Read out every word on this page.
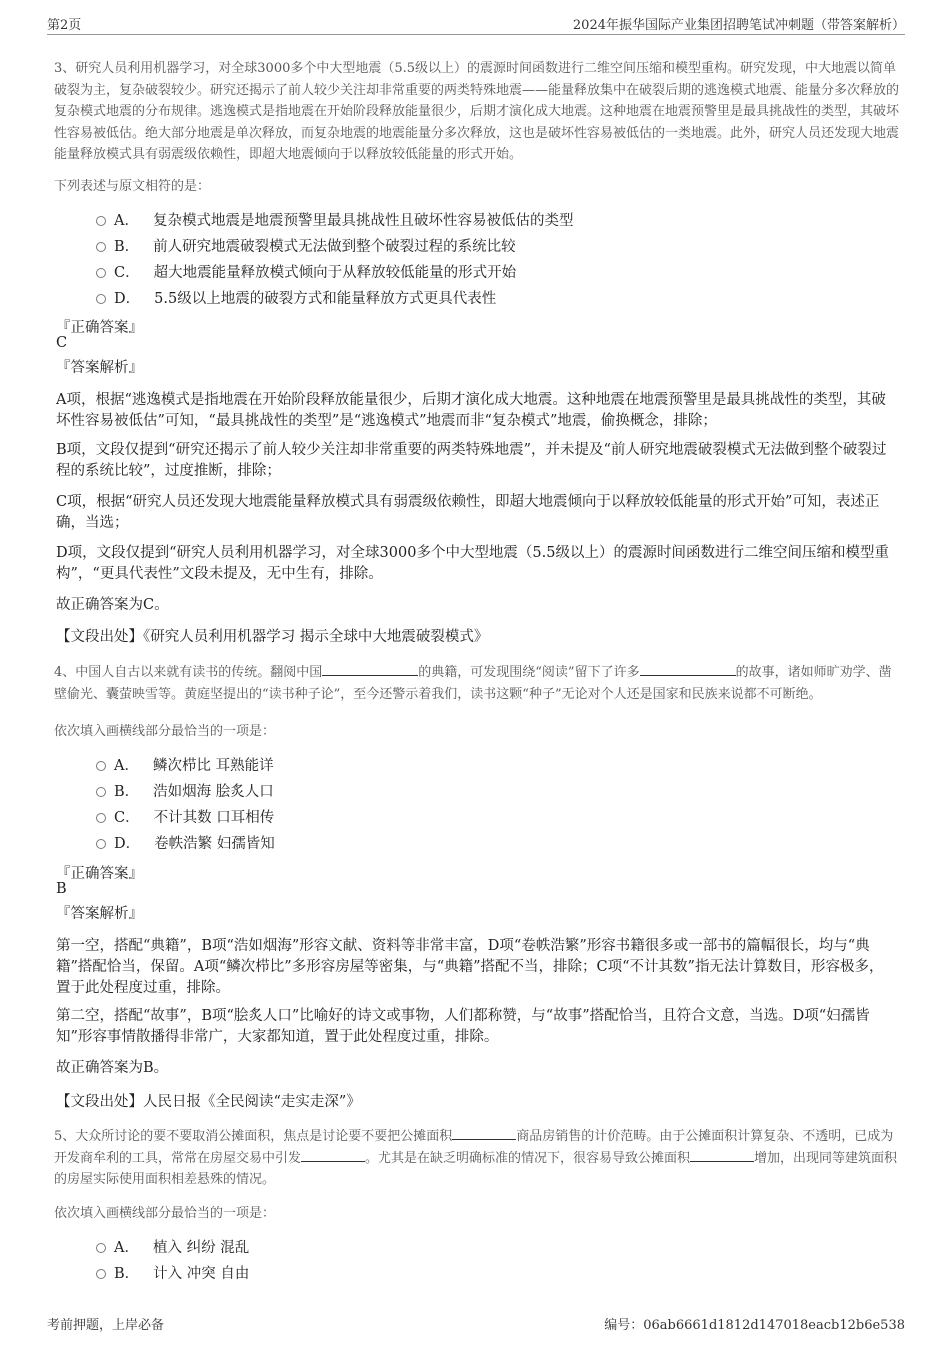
第2页	2024年振华国际产业集团招聘笔试冲刺题（带答案解析）

3、研究人员利用机器学习，对全球3000多个中大型地震（5.5级以上）的震源时间函数进行二维空间压缩和模型重构。研究发现，中大地震以简单破裂为主，复杂破裂较少。研究还揭示了前人较少关注却非常重要的两类特殊地震——能量释放集中在破裂后期的逃逸模式地震、能量分多次释放的复杂模式地震的分布规律。逃逸模式是指地震在开始阶段释放能量很少，后期才演化成大地震。这种地震在地震预警里是最具挑战性的类型，其破坏性容易被低估。绝大部分地震是单次释放，而复杂地震的地震能量分多次释放，这也是破坏性容易被低估的一类地震。此外，研究人员还发现大地震能量释放模式具有弱震级依赖性，即超大地震倾向于以释放较低能量的形式开始。

下列表述与原文相符的是：

A． 复杂模式地震是地震预警里最具挑战性且破坏性容易被低估的类型
B． 前人研究地震破裂模式无法做到整个破裂过程的系统比较
C． 超大地震能量释放模式倾向于从释放较低能量的形式开始
D． 5.5级以上地震的破裂方式和能量释放方式更具代表性
『正确答案』
C
『答案解析』

A项，根据“逃逸模式是指地震在开始阶段释放能量很少，后期才演化成大地震。这种地震在地震预警里是最具挑战性的类型，其破坏性容易被低估”可知，“最具挑战性的类型”是“逃逸模式”地震而非“复杂模式”地震，偷换概念，排除；

B项，文段仅提到“研究还揭示了前人较少关注却非常重要的两类特殊地震”，并未提及“前人研究地震破裂模式无法做到整个破裂过程的系统比较”，过度推断，排除；

C项，根据“研究人员还发现大地震能量释放模式具有弱震级依赖性，即超大地震倾向于以释放较低能量的形式开始”可知，表述正确，当选；

D项，文段仅提到“研究人员利用机器学习，对全球3000多个中大型地震（5.5级以上）的震源时间函数进行二维空间压缩和模型重构”，“更具代表性”文段未提及，无中生有，排除。

故正确答案为C。

【文段出处】《研究人员利用机器学习 揭示全球中大地震破裂模式》

4、中国人自古以来就有读书的传统。翻阅中国	的典籍，可发现围绕“阅读”留下了许多	的故事，诸如师旷劝学、凿壁偷光、囊萤映雪等。黄庭坚提出的“读书种子论”，至今还警示着我们，读书这颗“种子”无论对个人还是国家和民族来说都不可断绝。

依次填入画横线部分最恰当的一项是：

A． 鳞次栉比 耳熟能详
B． 浩如烟海 脍炙人口
C． 不计其数 口耳相传
D． 卷帙浩繁 妇孺皆知
『正确答案』
B
『答案解析』

第一空，搭配“典籍”，B项“浩如烟海”形容文献、资料等非常丰富，D项“卷帙浩繁”形容书籍很多或一部书的篇幅很长，均与“典籍”搭配恰当，保留。A项“鳞次栉比”多形容房屋等密集，与“典籍”搭配不当，排除；C项“不计其数”指无法计算数目，形容极多，置于此处程度过重，排除。

第二空，搭配“故事”，B项“脍炙人口”比喻好的诗文或事物，人们都称赞，与“故事”搭配恰当，且符合文意，当选。D项“妇孺皆知”形容事情散播得非常广，大家都知道，置于此处程度过重，排除。

故正确答案为B。

【文段出处】人民日报《全民阅读“走实走深”》

5、大众所讨论的要不要取消公摊面积，焦点是讨论要不要把公摊面积	商品房销售的计价范畴。由于公摊面积计算复杂、不透明，已成为开发商牟利的工具，常常在房屋交易中引发	。尤其是在缺乏明确标准的情况下，很容易导致公摊面积	增加，出现同等建筑面积的房屋实际使用面积相差悬殊的情况。

依次填入画横线部分最恰当的一项是：

A． 植入 纠纷 混乱
B． 计入 冲突 自由
考前押题，上岸必备	编号：06ab6661d1812d147018eacb12b6e538
